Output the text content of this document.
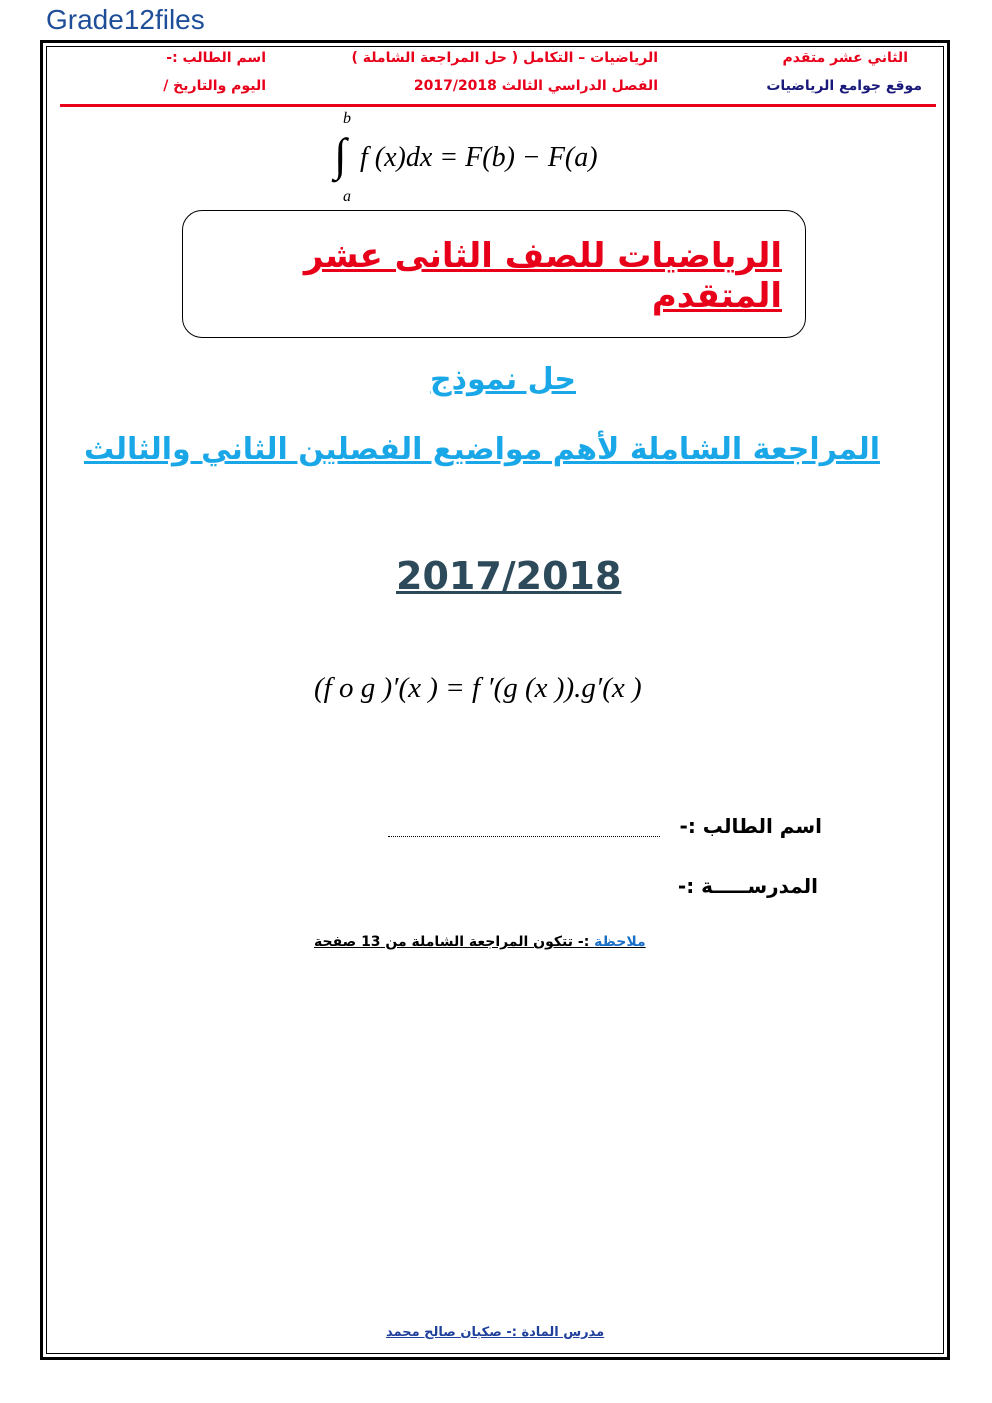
Grade12files
الثاني عشر متقدم
موقع جوامع الرياضيات
الرياضيات – التكامل ( حل المراجعة الشاملة )
الفصل الدراسي الثالث 2017/2018
اسم الطالب :-
اليوم والتاريخ /
b
∫ f (x)dx = F(b) − F(a)
a
الرياضيات للصف الثانى عشر المتقدم
حل نموذج
المراجعة الشاملة لأهم مواضيع الفصلين الثاني والثالث
2017/2018
(f o g )′(x ) = f ′(g (x )).g′(x )
اسم الطالب :-
المدرســـــة :-
ملاحظة :- تتكون المراجعة الشاملة من 13 صفحة
مدرس المادة :- صكبان صالح محمد
